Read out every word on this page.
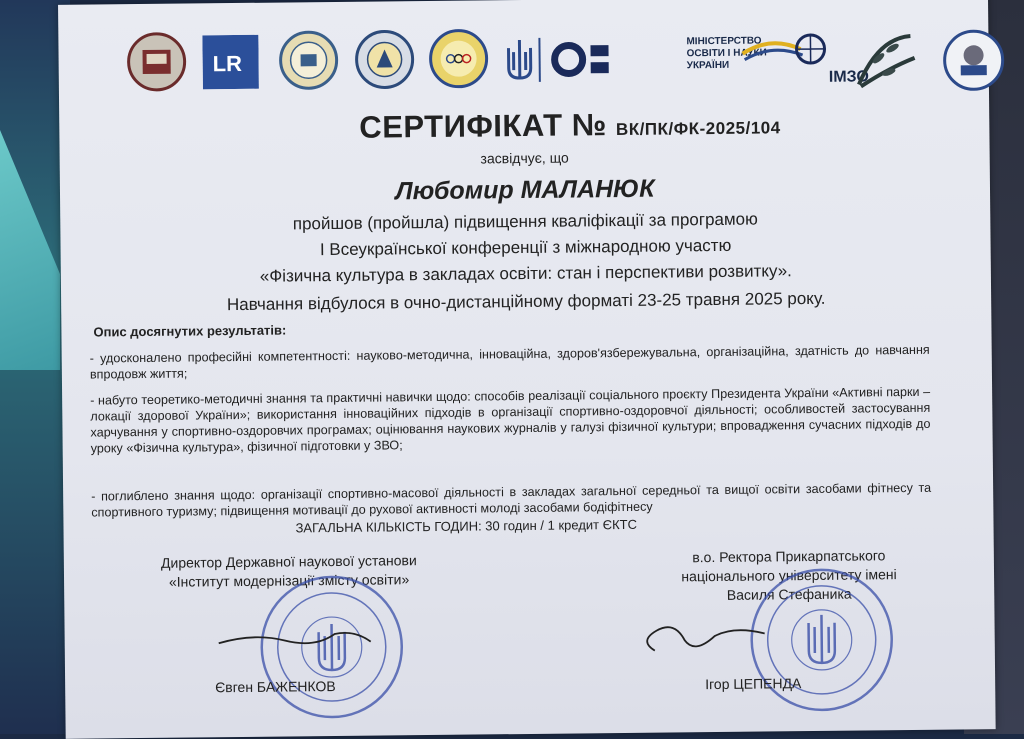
LR
МІНІСТЕРСТВО
ОСВІТИ І НАУКИ
УКРАЇНИ
ІМЗО
СЕРТИФІКАТ № ВК/ПК/ФК-2025/104
засвідчує, що
Любомир МАЛАНЮК
пройшов (пройшла) підвищення кваліфікації за програмою
І Всеукраїнської конференції з міжнародною участю
«Фізична культура в закладах освіти: стан і перспективи розвитку».
Навчання відбулося в очно-дистанційному форматі 23-25 травня 2025 року.
Опис досягнутих результатів:
- удосконалено професійні компетентності: науково-методична, інноваційна, здоров'язбережувальна, організаційна, здатність до навчання впродовж життя;
- набуто теоретико-методичні знання та практичні навички щодо: способів реалізації соціального проєкту Президента України «Активні парки – локації здорової України»; використання інноваційних підходів в організації спортивно-оздоровчої діяльності; особливостей застосування харчування у спортивно-оздоровчих програмах; оцінювання наукових журналів у галузі фізичної культури; впровадження сучасних підходів до уроку «Фізична культура», фізичної підготовки у ЗВО;
- поглиблено знання щодо: організації спортивно-масової діяльності в закладах загальної середньої та вищої освіти засобами фітнесу та спортивного туризму; підвищення мотивації до рухової активності молоді засобами бодіфітнесу
ЗАГАЛЬНА КІЛЬКІСТЬ ГОДИН: 30 годин / 1 кредит ЄКТС
Директор Державної наукової установи
«Інститут модернізації змісту освіти»
в.о. Ректора Прикарпатського
національного університету імені
Василя Стефаника
Євген БАЖЕНКОВ	Ігор ЦЕПЕНДА
